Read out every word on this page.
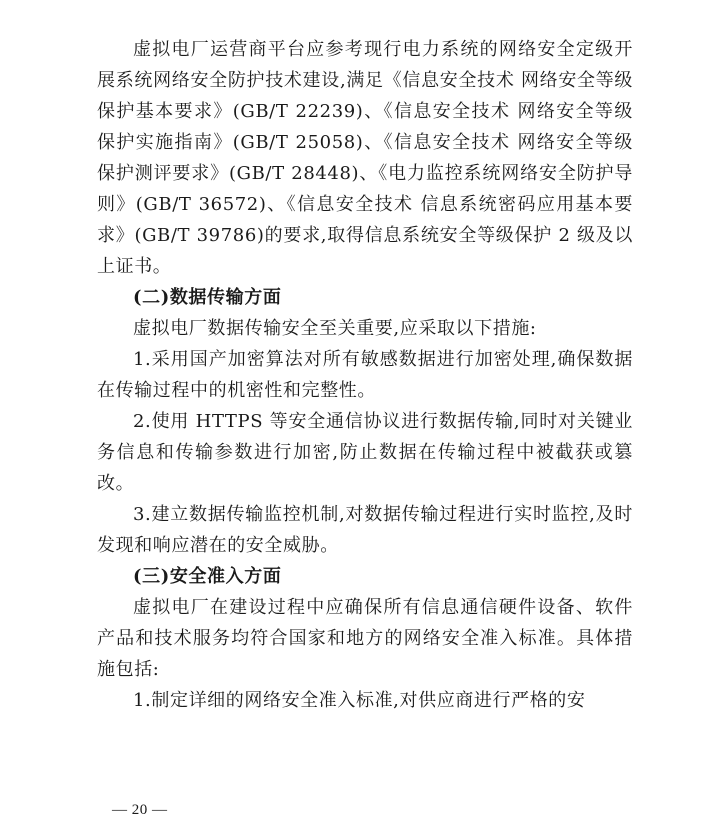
虚拟电厂运营商平台应参考现行电力系统的网络安全定级开展系统网络安全防护技术建设,满足《信息安全技术 网络安全等级保护基本要求》(GB/T 22239)、《信息安全技术 网络安全等级保护实施指南》(GB/T 25058)、《信息安全技术 网络安全等级保护测评要求》(GB/T 28448)、《电力监控系统网络安全防护导则》(GB/T 36572)、《信息安全技术 信息系统密码应用基本要求》(GB/T 39786)的要求,取得信息系统安全等级保护 2 级及以上证书。

(二)数据传输方面

虚拟电厂数据传输安全至关重要,应采取以下措施:

1.采用国产加密算法对所有敏感数据进行加密处理,确保数据在传输过程中的机密性和完整性。

2.使用 HTTPS 等安全通信协议进行数据传输,同时对关键业务信息和传输参数进行加密,防止数据在传输过程中被截获或篡改。

3.建立数据传输监控机制,对数据传输过程进行实时监控,及时发现和响应潜在的安全威胁。

(三)安全准入方面

虚拟电厂在建设过程中应确保所有信息通信硬件设备、软件产品和技术服务均符合国家和地方的网络安全准入标准。具体措施包括:

1.制定详细的网络安全准入标准,对供应商进行严格的安

— 20 —
